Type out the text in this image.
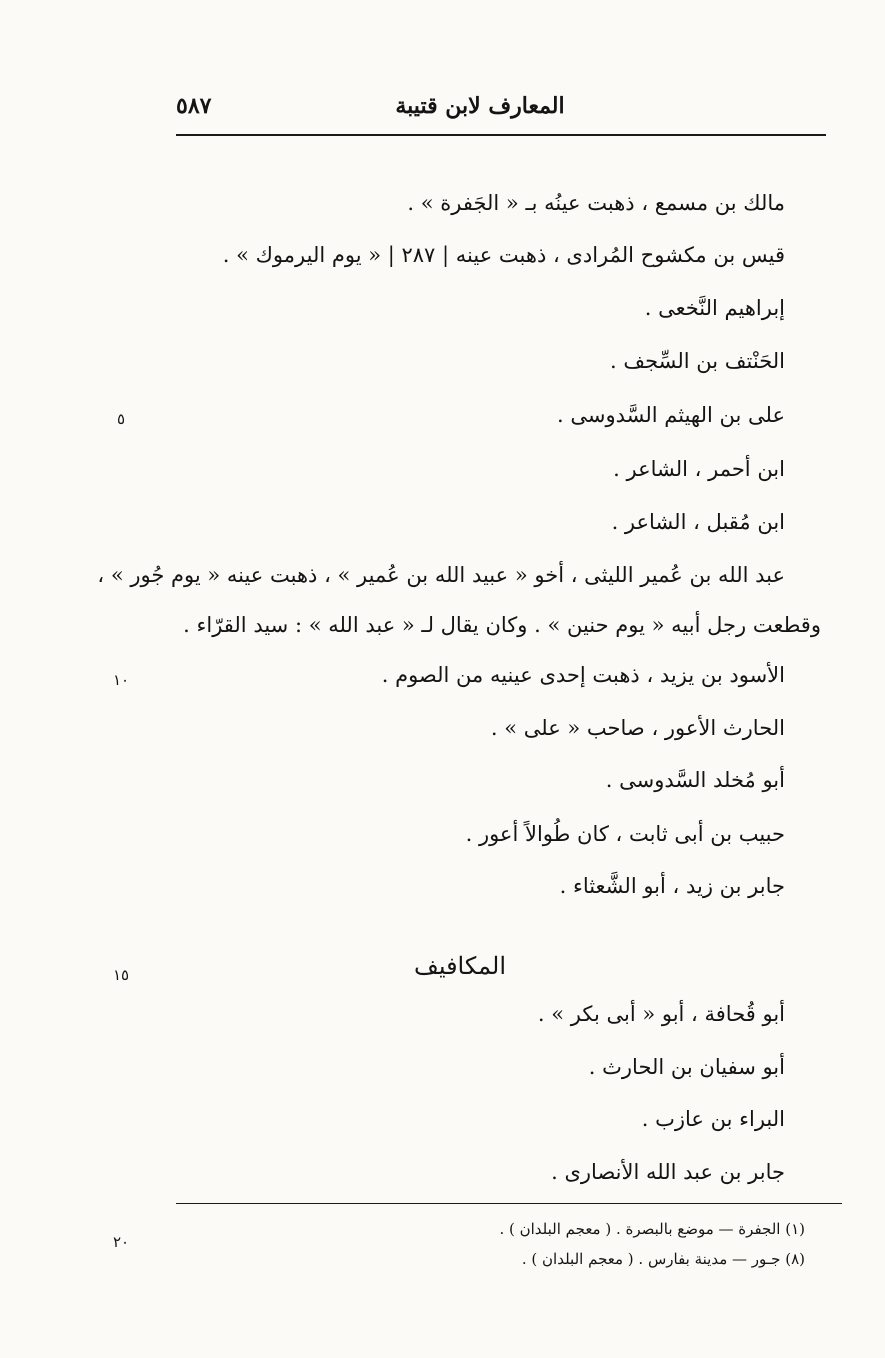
المعارف لابن قتيبة
٥٨٧
مالك بن مسمع ، ذهبت عينُه بـ « الجَفرة » .
قيس بن مكشوح المُرادى ، ذهبت عينه | ٢٨٧ | « يوم اليرموك » .
إبراهيم النَّخعى .
الحَنْتف بن السِّجف .
على بن الهيثم السَّدوسى .
ابن أحمر ، الشاعر .
ابن مُقبل ، الشاعر .
عبد الله بن عُمير الليثى ، أخو « عبيد الله بن عُمير » ، ذهبت عينه « يوم جُور » ،
وقطعت رجل أبيه « يوم حنين » . وكان يقال لـ « عبد الله » : سيد القرّاء .
الأسود بن يزيد ، ذهبت إحدى عينيه من الصوم .
الحارث الأعور ، صاحب « على » .
أبو مُخلد السَّدوسى .
حبيب بن أبى ثابت ، كان طُوالاً أعور .
جابر بن زيد ، أبو الشَّعثاء .
المكافيف
أبو قُحافة ، أبو « أبى بكر » .
أبو سفيان بن الحارث .
البراء بن عازب .
جابر بن عبد الله الأنصارى .
٥
١٠
١٥
٢٠
(١) الجفرة — موضع بالبصرة . ( معجم البلدان ) .
(٨) جـور — مدينة بفارس . ( معجم البلدان ) .
